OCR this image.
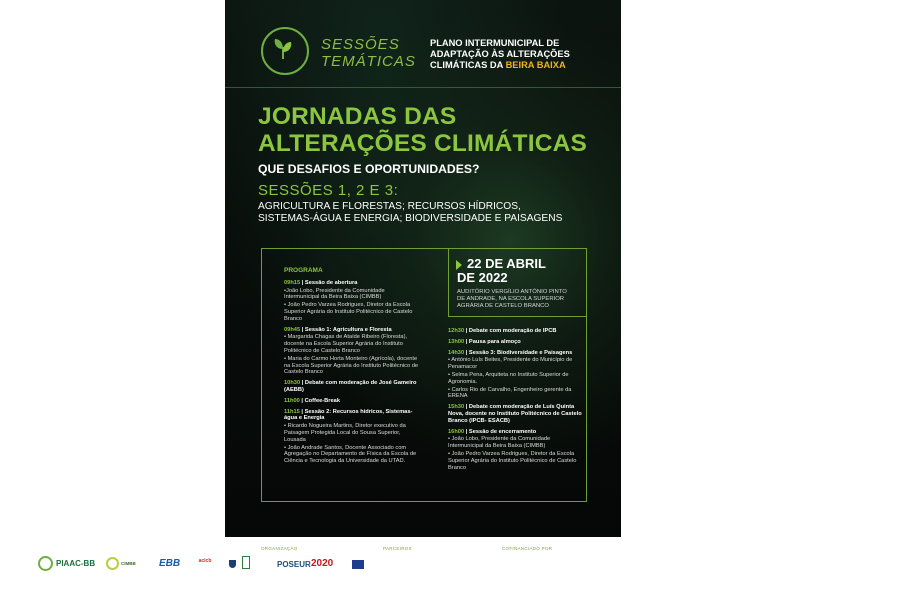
SESSÕES
TEMÁTICAS
PLANO INTERMUNICIPAL DE
ADAPTAÇÃO ÀS ALTERAÇÕES
CLIMÁTICAS DA BEIRA BAIXA
JORNADAS DAS
ALTERAÇÕES CLIMÁTICAS
QUE DESAFIOS E OPORTUNIDADES?
SESSÕES 1, 2 E 3:
AGRICULTURA E FLORESTAS; RECURSOS HÍDRICOS,
SISTEMAS-ÁGUA E ENERGIA; BIODIVERSIDADE E PAISAGENS
22 DE ABRIL
DE 2022
AUDITÓRIO VERGÍLIO ANTÓNIO PINTO
DE ANDRADE, NA ESCOLA SUPERIOR
AGRÁRIA DE CASTELO BRANCO
PROGRAMA
09h15 | Sessão de abertura
•João Lobo, Presidente da Comunidade Intermunicipal da Beira Baixa (CIMBB)
• João Pedro Varzea Rodrigues, Diretor da Escola Superior Agrária do Instituto Politécnico de Castelo Branco
09h45 | Sessão 1: Agricultura e Floresta
• Margarida Chagas de Ataíde Ribeiro (Floresta), docente na Escola Superior Agrária do Instituto Politécnico de Castelo Branco
• Maria do Carmo Horta Monteiro (Agrícola), docente na Escola Superior Agrária do Instituto Politécnico de Castelo Branco
10h30 | Debate com moderação de José Gameiro (AEBB)
11h00 | Coffee-Break
11h15 | Sessão 2: Recursos hídricos, Sistemas-água e Energia
• Ricardo Nogueira Martins, Diretor executivo da Paisagem Protegida Local do Sousa Superior, Lousada
• João Andrade Santos, Docente Associado com Agregação no Departamento de Física da Escola de Ciência e Tecnologia da Universidade da UTAD.
12h30 | Debate com moderação de IPCB
13h00 | Pausa para almoço
14h30 | Sessão 3: Biodiversidade e Paisagens
• António Luís Beites, Presidente do Município de Penamacor
• Selma Pena, Arquiteta no Instituto Superior de Agronomia.
• Carlos Rio de Carvalho, Engenheiro gerente da ERENA
15h30 | Debate com moderação de Luís Quinta Nova, docente no Instituto Politécnico de Castelo Branco (IPCB- ESACB)
16h00 | Sessão de encerramento
• João Lobo, Presidente da Comunidade Intermunicipal da Beira Baixa (CIMBB)
• João Pedro Varzea Rodrigues, Diretor da Escola Superior Agrária do Instituto Politécnico de Castelo Branco
ORGANIZAÇÃO	PARCEIROS	COFINANCIADO POR
PIAAC-BB	CIMBB EBB	acicb	POSEUR 2020
